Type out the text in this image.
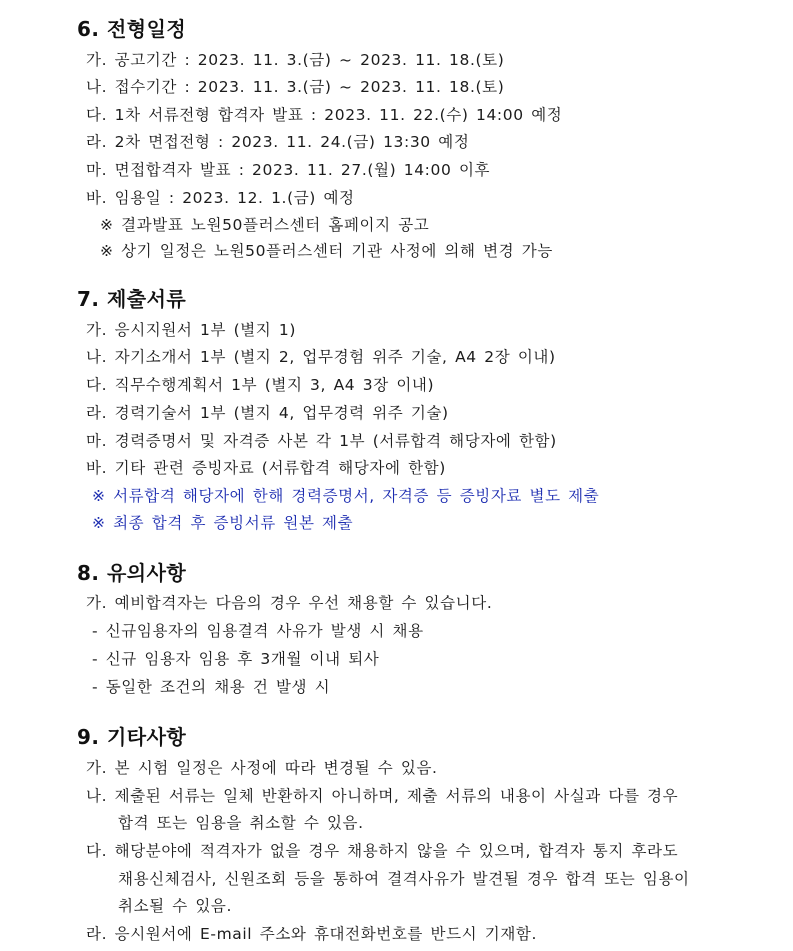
6. 전형일정
가. 공고기간 : 2023. 11. 3.(금) ~ 2023. 11. 18.(토)
나. 접수기간 : 2023. 11. 3.(금) ~ 2023. 11. 18.(토)
다. 1차 서류전형 합격자 발표 : 2023. 11. 22.(수) 14:00 예정
라. 2차 면접전형 : 2023. 11. 24.(금) 13:30 예정
마. 면접합격자 발표 : 2023. 11. 27.(월) 14:00 이후
바. 임용일 : 2023. 12. 1.(금) 예정
※ 결과발표 노원50플러스센터 홈페이지 공고
※ 상기 일정은 노원50플러스센터 기관 사정에 의해 변경 가능
7. 제출서류
가. 응시지원서 1부 (별지 1)
나. 자기소개서 1부 (별지 2, 업무경험 위주 기술, A4 2장 이내)
다. 직무수행계획서 1부 (별지 3, A4 3장 이내)
라. 경력기술서 1부 (별지 4, 업무경력 위주 기술)
마. 경력증명서 및 자격증 사본 각 1부 (서류합격 해당자에 한함)
바. 기타 관련 증빙자료 (서류합격 해당자에 한함)
※ 서류합격 해당자에 한해 경력증명서, 자격증 등 증빙자료 별도 제출
※ 최종 합격 후 증빙서류 원본 제출
8. 유의사항
가. 예비합격자는 다음의 경우 우선 채용할 수 있습니다.
- 신규임용자의 임용결격 사유가 발생 시 채용
- 신규 임용자 임용 후 3개월 이내 퇴사
- 동일한 조건의 채용 건 발생 시
9. 기타사항
가. 본 시험 일정은 사정에 따라 변경될 수 있음.
나. 제출된 서류는 일체 반환하지 아니하며, 제출 서류의 내용이 사실과 다를 경우
합격 또는 임용을 취소할 수 있음.
다. 해당분야에 적격자가 없을 경우 채용하지 않을 수 있으며, 합격자 통지 후라도
채용신체검사, 신원조회 등을 통하여 결격사유가 발견될 경우 합격 또는 임용이
취소될 수 있음.
라. 응시원서에 E-mail 주소와 휴대전화번호를 반드시 기재함.
